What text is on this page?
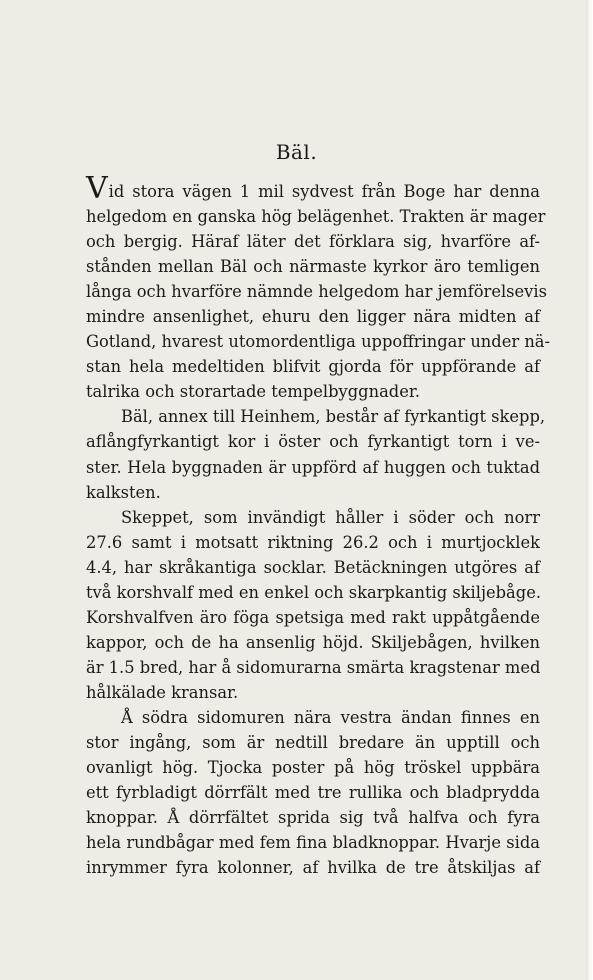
Bäl.
Vid stora vägen 1 mil sydvest från Boge har denna
helgedom en ganska hög belägenhet. Trakten är mager
och bergig. Häraf läter det förklara sig, hvarföre af-
stånden mellan Bäl och närmaste kyrkor äro temligen
långa och hvarföre nämnde helgedom har jemförelsevis
mindre ansenlighet, ehuru den ligger nära midten af
Gotland, hvarest utomordentliga uppoffringar under nä-
stan hela medeltiden blifvit gjorda för uppförande af
talrika och storartade tempelbyggnader.
Bäl, annex till Heinhem, består af fyrkantigt skepp,
aflångfyrkantigt kor i öster och fyrkantigt torn i ve-
ster. Hela byggnaden är uppförd af huggen och tuktad
kalksten.
Skeppet, som invändigt håller i söder och norr
27.6 samt i motsatt riktning 26.2 och i murtjocklek
4.4, har skråkantiga socklar. Betäckningen utgöres af
två korshvalf med en enkel och skarpkantig skiljebåge.
Korshvalfven äro föga spetsiga med rakt uppåtgående
kappor, och de ha ansenlig höjd. Skiljebågen, hvilken
är 1.5 bred, har å sidomurarna smärta kragstenar med
hålkälade kransar.
Å södra sidomuren nära vestra ändan finnes en
stor ingång, som är nedtill bredare än upptill och
ovanligt hög. Tjocka poster på hög tröskel uppbära
ett fyrbladigt dörrfält med tre rullika och bladprydda
knoppar. Å dörrfältet sprida sig två halfva och fyra
hela rundbågar med fem fina bladknoppar. Hvarje sida
inrymmer fyra kolonner, af hvilka de tre åtskiljas af
